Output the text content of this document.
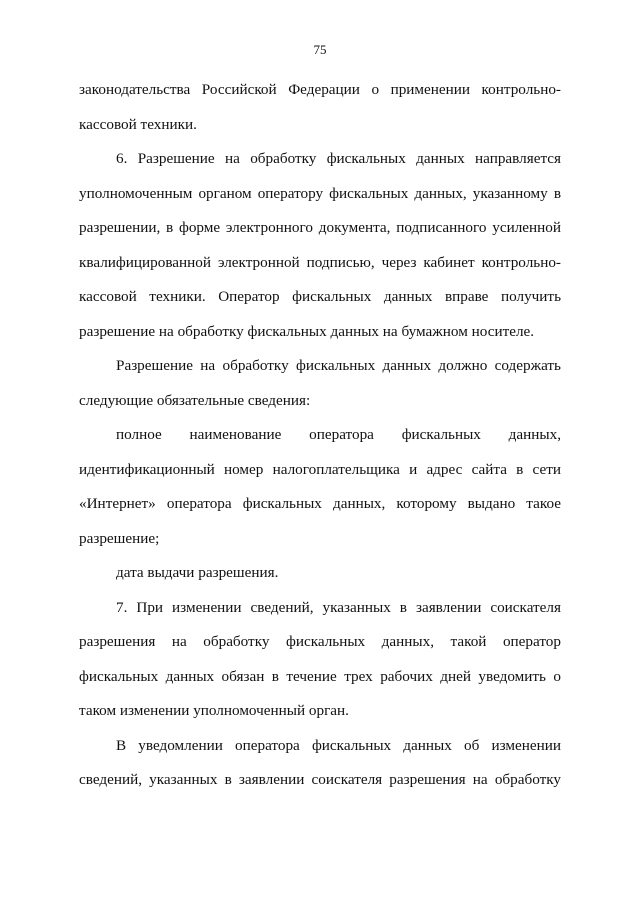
75
законодательства Российской Федерации о применении контрольно-
кассовой техники.
6. Разрешение на обработку фискальных данных направляется
уполномоченным органом оператору фискальных данных, указанному в
разрешении, в форме электронного документа, подписанного усиленной
квалифицированной электронной подписью, через кабинет контрольно-
кассовой техники. Оператор фискальных данных вправе получить
разрешение на обработку фискальных данных на бумажном носителе.
Разрешение на обработку фискальных данных должно содержать
следующие обязательные сведения:
полное наименование оператора фискальных данных,
идентификационный номер налогоплательщика и адрес сайта в сети
«Интернет» оператора фискальных данных, которому выдано такое
разрешение;
дата выдачи разрешения.
7. При изменении сведений, указанных в заявлении соискателя
разрешения на обработку фискальных данных, такой оператор
фискальных данных обязан в течение трех рабочих дней уведомить о
таком изменении уполномоченный орган.
В уведомлении оператора фискальных данных об изменении
сведений, указанных в заявлении соискателя разрешения на обработку
